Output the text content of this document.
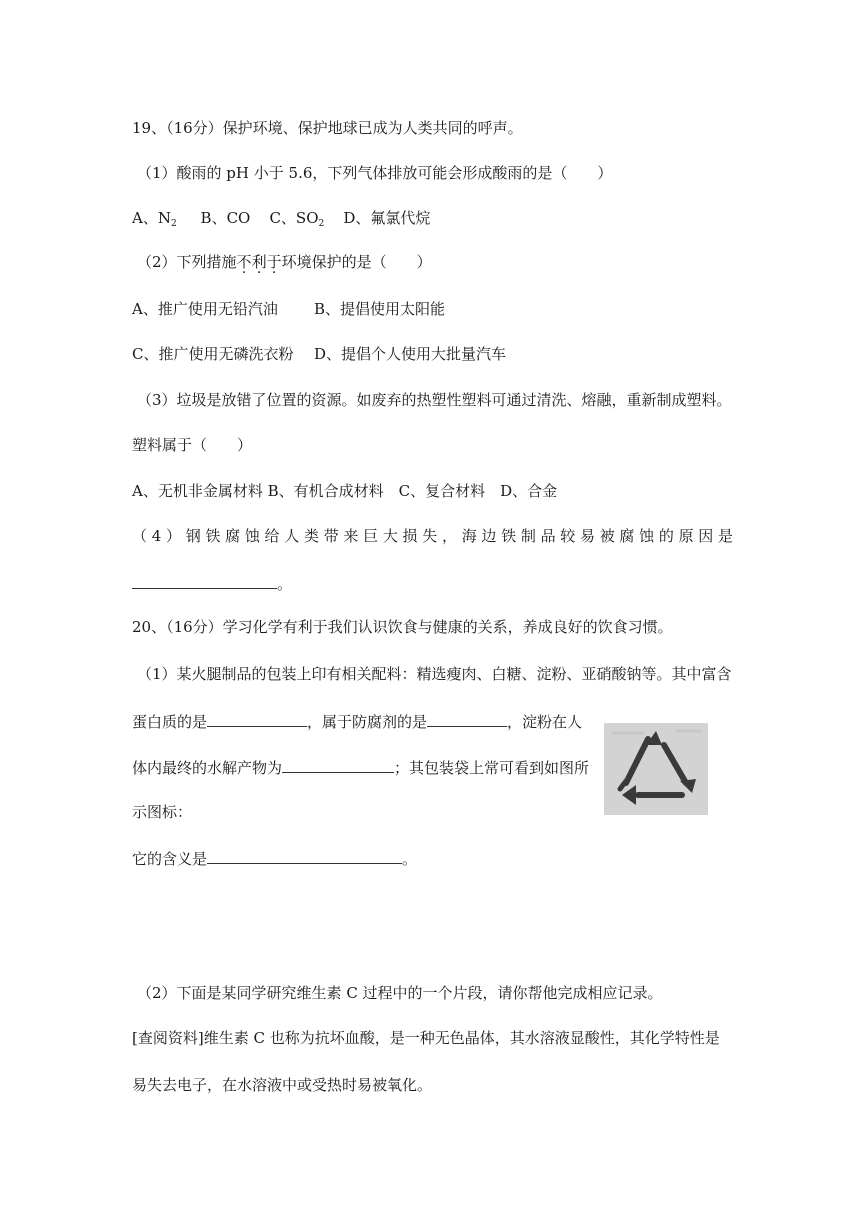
19、（16分）保护环境、保护地球已成为人类共同的呼声。
（1）酸雨的 pH 小于 5.6，下列气体排放可能会形成酸雨的是（　　）
A、$N_2$ B、CO C、$SO_2$ D、氟氯代烷
（2）下列措施不利于环境保护的是（　　）
A、推广使用无铅汽油 B、提倡使用太阳能
C、推广使用无磷洗衣粉 D、提倡个人使用大批量汽车
（3）垃圾是放错了位置的资源。如废弃的热塑性塑料可通过清洗、熔融，重新制成塑料。
塑料属于（　　）
A、无机非金属材料 B、有机合成材料　C、复合材料　D、合金
（4）钢铁腐蚀给人类带来巨大损失，海边铁制品较易被腐蚀的原因是
。
20、（16分）学习化学有利于我们认识饮食与健康的关系，养成良好的饮食习惯。
（1）某火腿制品的包装上印有相关配料：精选瘦肉、白糖、淀粉、亚硝酸钠等。其中富含
蛋白质的是	，属于防腐剂的是	，淀粉在人
体内最终的水解产物为	；其包装袋上常可看到如图所
示图标：
它的含义是	。
（2）下面是某同学研究维生素 C 过程中的一个片段，请你帮他完成相应记录。
[查阅资料]维生素 C 也称为抗坏血酸，是一种无色晶体，其水溶液显酸性，其化学特性是
易失去电子，在水溶液中或受热时易被氧化。
